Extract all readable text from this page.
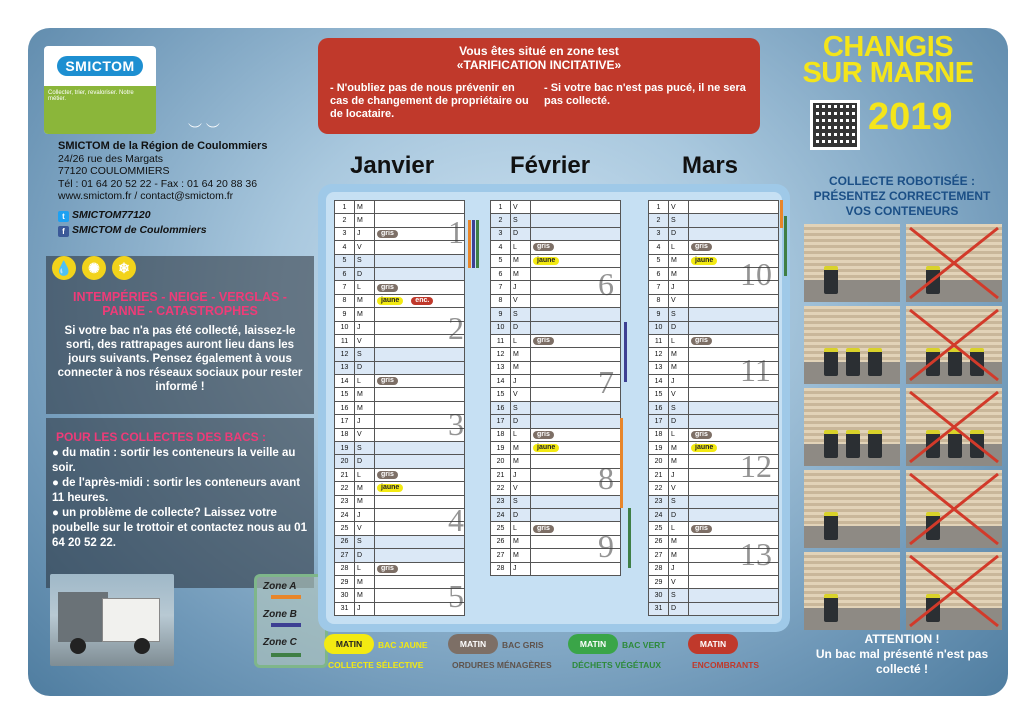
SMICTOM
Collecter, trier, revaloriser. Notre métier.
︶ ︶
SMICTOM de la Région de Coulommiers
24/26 rue des Margats
77120 COULOMMIERS
Tél : 01 64 20 52 22 - Fax : 01 64 20 88 36
www.smictom.fr / contact@smictom.fr
t SMICTOM77120
f SMICTOM de Coulommiers
💧	✺	❄
INTEMPÉRIES - NEIGE - VERGLAS - PANNE - CATASTROPHES
Si votre bac n'a pas été collecté, laissez-le sorti, des rattrapages auront lieu dans les jours suivants. Pensez également à vous connecter à nos réseaux sociaux pour rester informé !
POUR LES COLLECTES DES BACS :
● du matin : sortir les conteneurs la veille au soir.
● de l'après-midi : sortir les conteneurs avant 11 heures.
● un problème de collecte? Laissez votre poubelle sur le trottoir et contactez nous au 01 64 20 52 22.
Zone A
Zone B
Zone C
Vous êtes situé en zone test
«TARIFICATION INCITATIVE»
- N'oubliez pas de nous prévenir en cas de changement de propriétaire ou de locataire.
- Si votre bac n'est pas pucé, il ne sera pas collecté.
CHANGIS
SUR MARNE
2019
Janvier	Février	Mars
1	M	
2	M	
3	J	gris
4	V	
5	S	
6	D	
7	L	gris
8	M	jaune enc.
9	M	
10	J	
11	V	
12	S	
13	D	
14	L	gris
15	M	
16	M	
17	J	
18	V	
19	S	
20	D	
21	L	gris
22	M	jaune
23	M	
24	J	
25	V	
26	S	
27	D	
28	L	gris
29	M	
30	M	
31	J	
1	V	
2	S	
3	D	
4	L	gris
5	M	jaune
6	M	
7	J	
8	V	
9	S	
10	D	
11	L	gris
12	M	
13	M	
14	J	
15	V	
16	S	
17	D	
18	L	gris
19	M	jaune
20	M	
21	J	
22	V	
23	S	
24	D	
25	L	gris
26	M	
27	M	
28	J	
1	V	
2	S	
3	D	
4	L	gris
5	M	jaune
6	M	
7	J	
8	V	
9	S	
10	D	
11	L	gris
12	M	
13	M	
14	J	
15	V	
16	S	
17	D	
18	L	gris
19	M	jaune
20	M	
21	J	
22	V	
23	S	
24	D	
25	L	gris
26	M	
27	M	
28	J	
29	V	
30	S	
31	D	
1
2
3
4
5
6
7
8
9
10
11
12
13
MATIN BAC JAUNE
COLLECTE SÉLECTIVE
MATIN BAC GRIS
ORDURES MÉNAGÈRES
MATIN BAC VERT
DÉCHETS VÉGÉTAUX
MATIN
ENCOMBRANTS
COLLECTE ROBOTISÉE : PRÉSENTEZ CORRECTEMENT VOS CONTENEURS
ATTENTION !
Un bac mal présenté n'est pas collecté !
